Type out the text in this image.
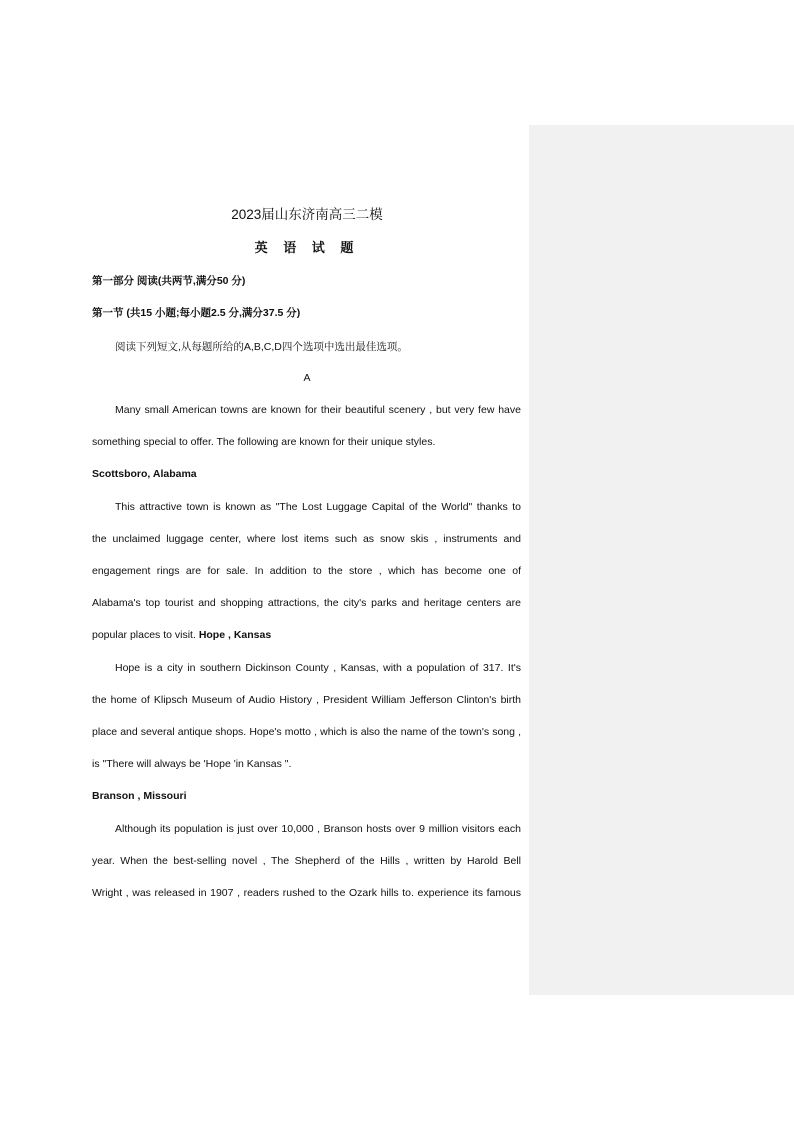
2023届山东济南高三二模
英 语 试 题
第一部分 阅读(共两节,满分50 分)
第一节 (共15 小题;每小题2.5 分,满分37.5 分)
阅读下列短文,从每题所给的A,B,C,D四个选项中选出最佳选项。
A
Many small American towns are known for their beautiful scenery , but very few have
something special to offer. The following are known for their unique styles.
Scottsboro, Alabama
This attractive town is known as "The Lost Luggage Capital of the World" thanks to
the unclaimed luggage center, where lost items such as snow skis , instruments and
engagement rings are for sale. In addition to the store , which has become one of
Alabama's top tourist and shopping attractions, the city's parks and heritage centers are
popular places to visit. Hope , Kansas
Hope is a city in southern Dickinson County , Kansas, with a population of 317. It's
the home of Klipsch Museum of Audio History , President William Jefferson Clinton's birth
place and several antique shops. Hope's motto , which is also the name of the town's song ,
is "There will always be 'Hope 'in Kansas ".
Branson , Missouri
Although its population is just over 10,000 , Branson hosts over 9 million visitors each
year. When the best-selling novel , The Shepherd of the Hills , written by Harold Bell
Wright , was released in 1907 , readers rushed to the Ozark hills to. experience its famous
